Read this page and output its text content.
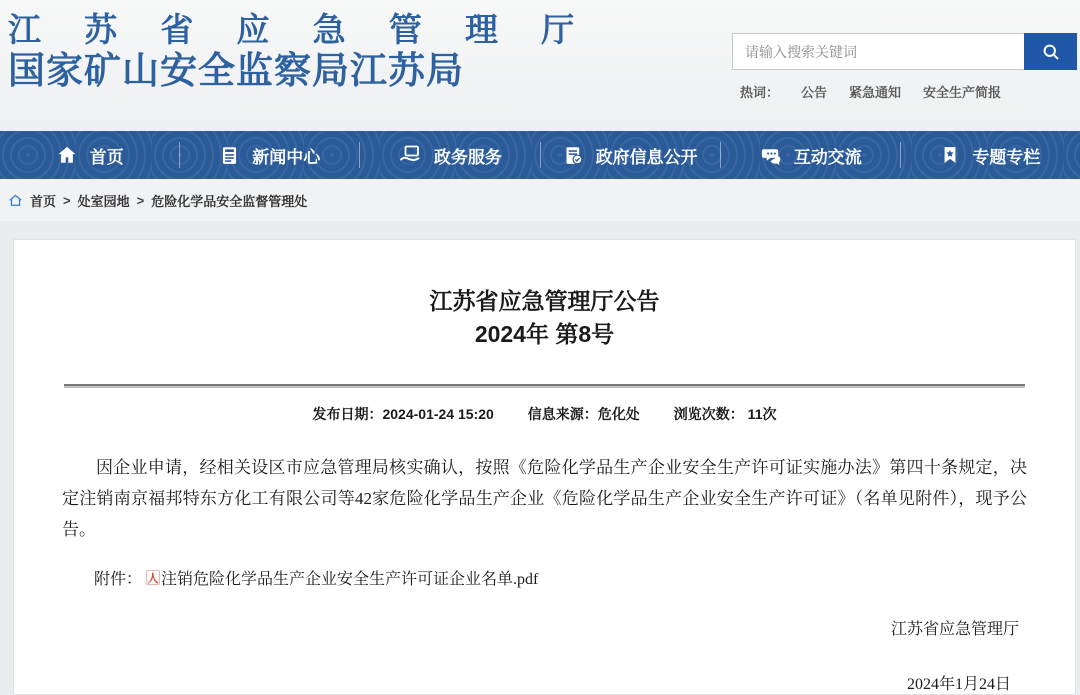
江 苏 省 应 急 管 理 厅
国家矿山安全监察局江苏局
请输入搜索关键词
热词： 公告 紧急通知 安全生产简报
首页	新闻中心	政务服务	政府信息公开	互动交流	专题专栏
首页 > 处室园地 > 危险化学品安全监督管理处
江苏省应急管理厅公告
2024年 第8号
发布日期：2024-01-24 15:20 信息来源：危化处 浏览次数： 11次

因企业申请，经相关设区市应急管理局核实确认，按照《危险化学品生产企业安全生产许可证实施办法》第四十条规定，决定注销南京福邦特东方化工有限公司等42家危险化学品生产企业《危险化学品生产企业安全生产许可证》（名单见附件），现予公告。

附件： 人 注销危险化学品生产企业安全生产许可证企业名单.pdf
江苏省应急管理厅
2024年1月24日
